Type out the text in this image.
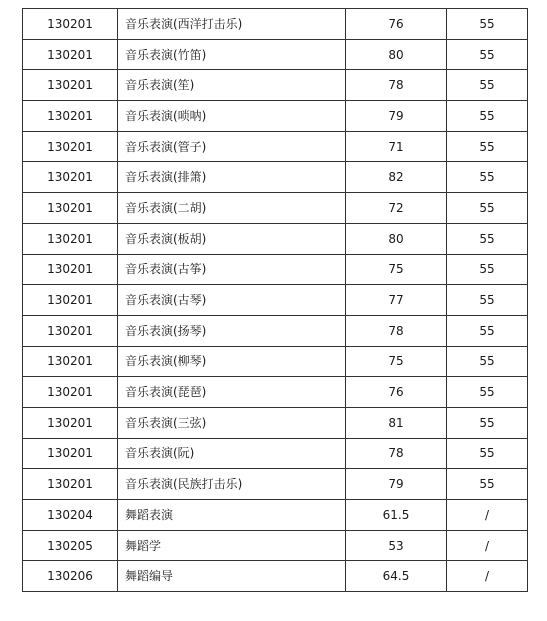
130201	音乐表演(西洋打击乐)	76	55
130201	音乐表演(竹笛)	80	55
130201	音乐表演(笙)	78	55
130201	音乐表演(唢呐)	79	55
130201	音乐表演(管子)	71	55
130201	音乐表演(排箫)	82	55
130201	音乐表演(二胡)	72	55
130201	音乐表演(板胡)	80	55
130201	音乐表演(古筝)	75	55
130201	音乐表演(古琴)	77	55
130201	音乐表演(扬琴)	78	55
130201	音乐表演(柳琴)	75	55
130201	音乐表演(琵琶)	76	55
130201	音乐表演(三弦)	81	55
130201	音乐表演(阮)	78	55
130201	音乐表演(民族打击乐)	79	55
130204	舞蹈表演	61.5	/
130205	舞蹈学	53	/
130206	舞蹈编导	64.5	/
